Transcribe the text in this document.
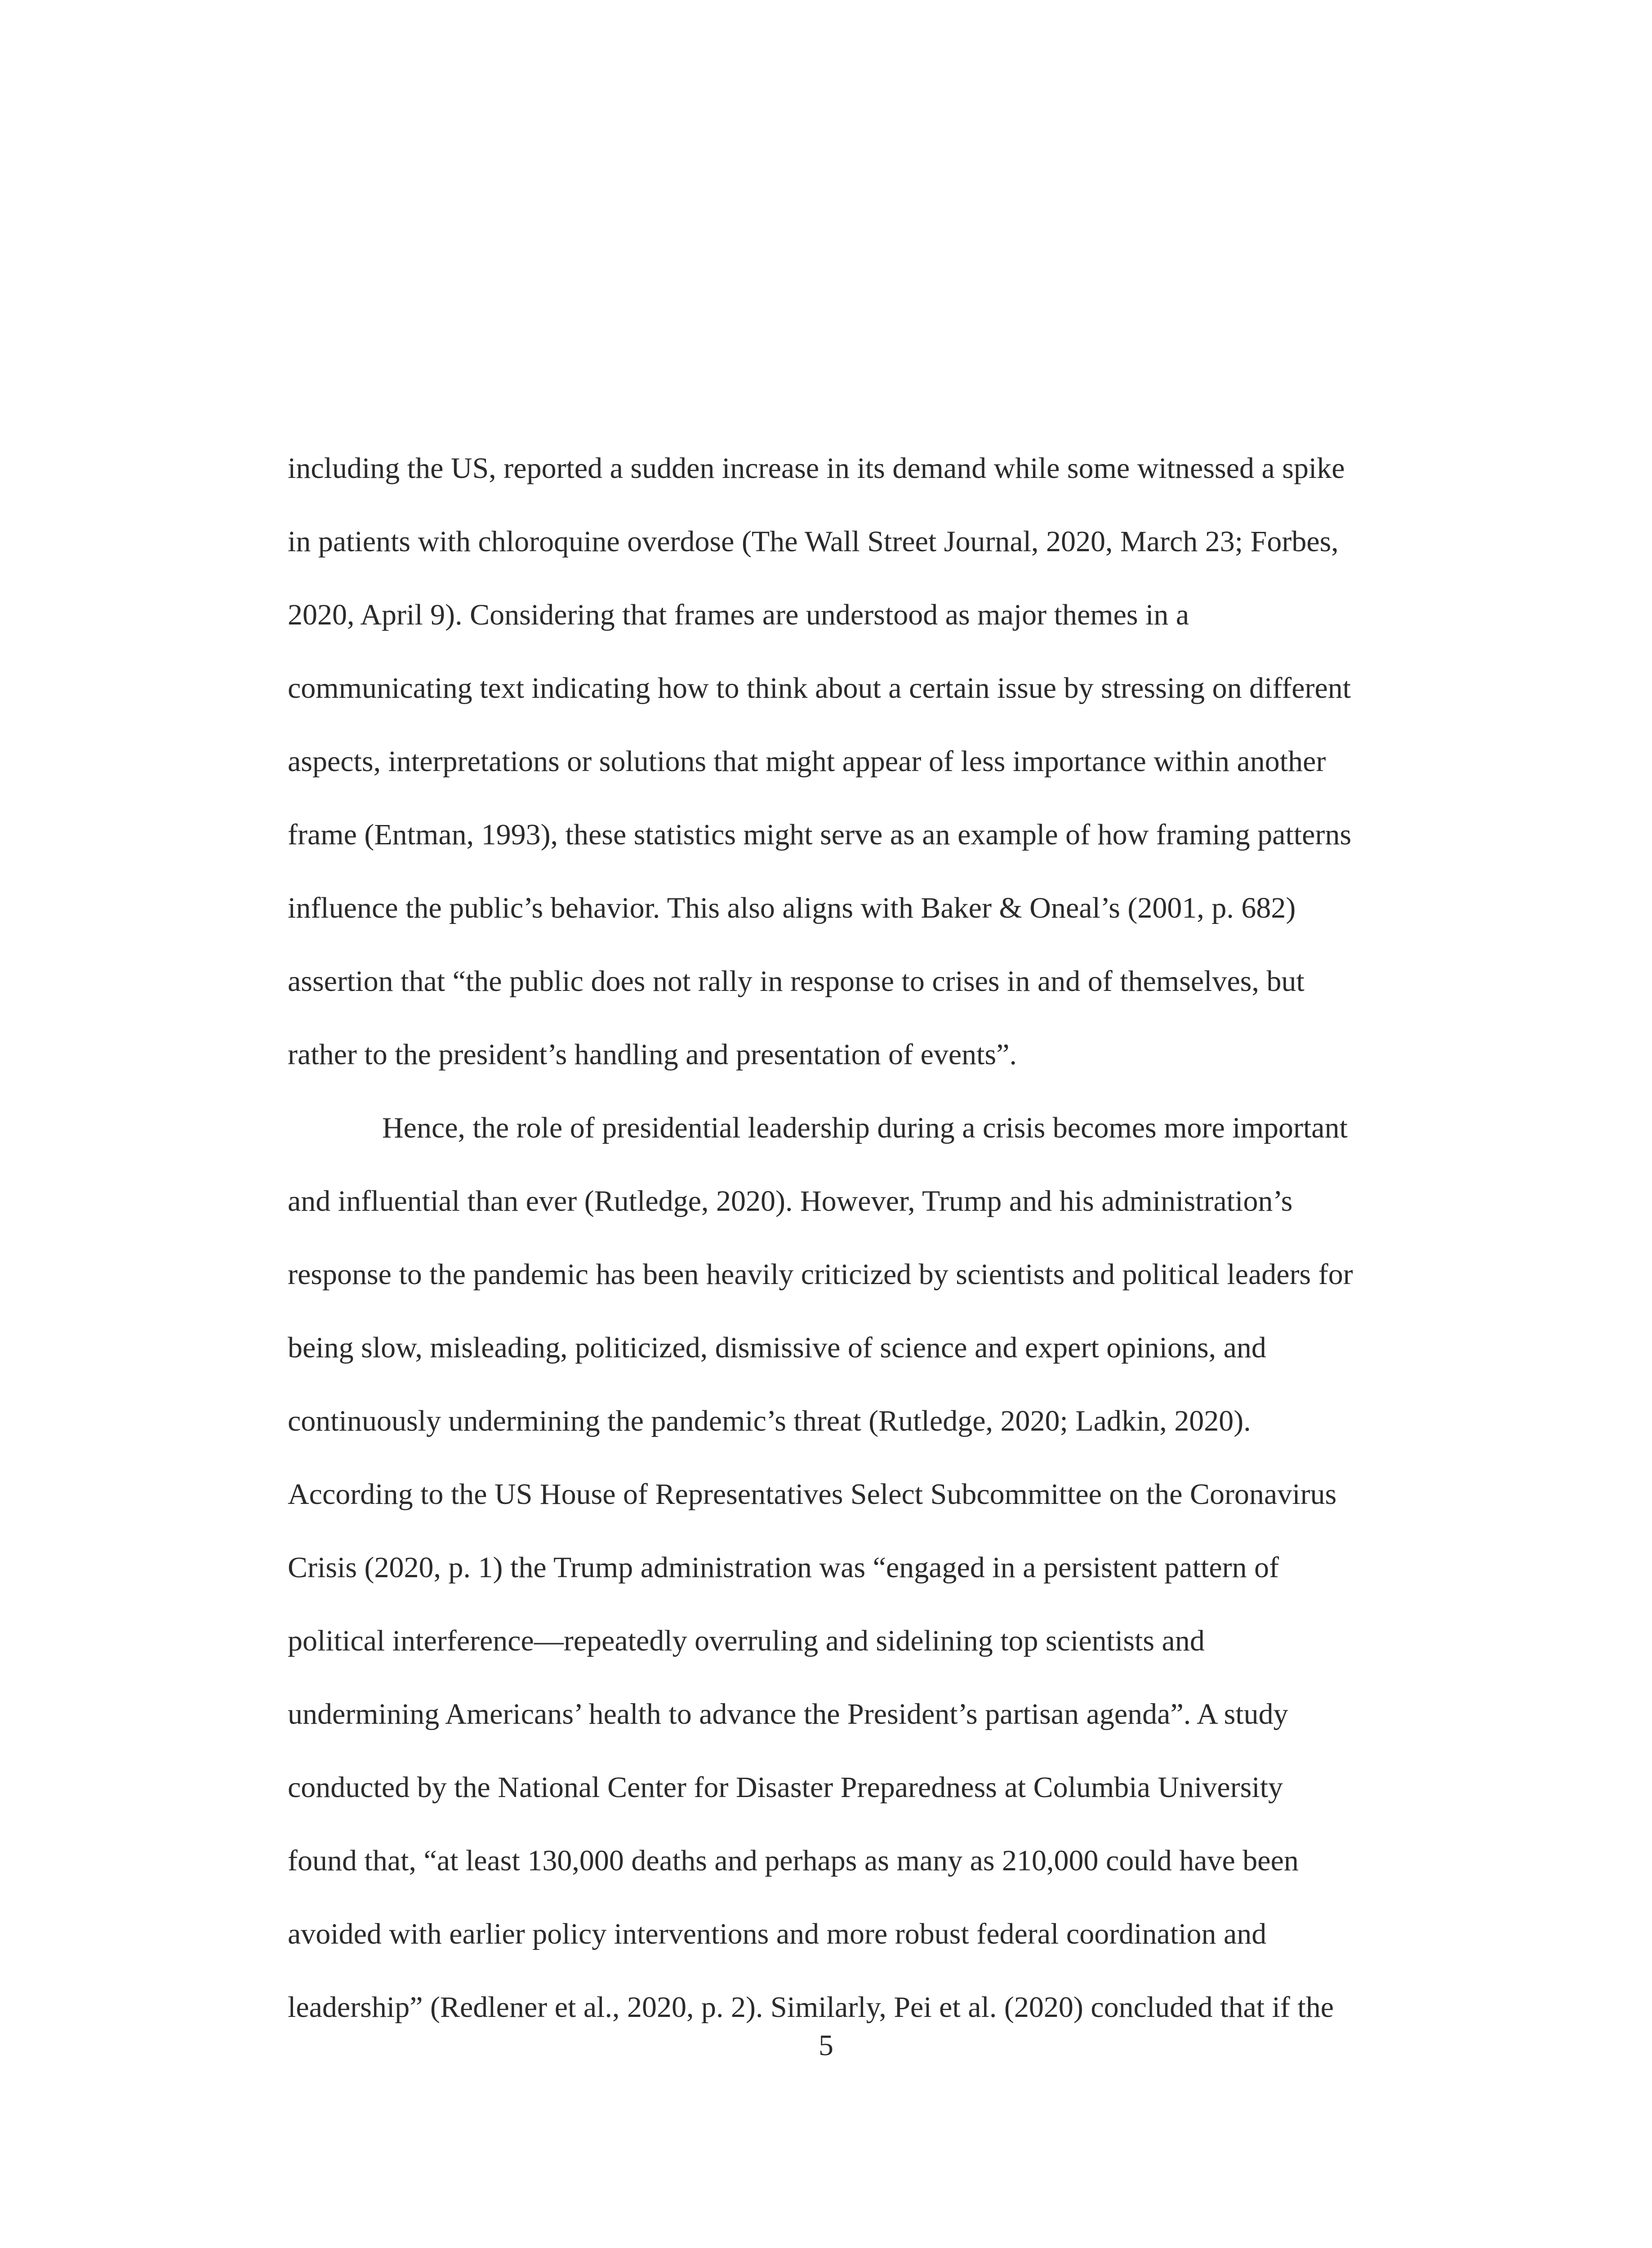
including the US, reported a sudden increase in its demand while some witnessed a spike
in patients with chloroquine overdose (The Wall Street Journal, 2020, March 23; Forbes,
2020, April 9). Considering that frames are understood as major themes in a
communicating text indicating how to think about a certain issue by stressing on different
aspects, interpretations or solutions that might appear of less importance within another
frame (Entman, 1993), these statistics might serve as an example of how framing patterns
influence the public’s behavior. This also aligns with Baker & Oneal’s (2001, p. 682)
assertion that “the public does not rally in response to crises in and of themselves, but
rather to the president’s handling and presentation of events”.
Hence, the role of presidential leadership during a crisis becomes more important
and influential than ever (Rutledge, 2020). However, Trump and his administration’s
response to the pandemic has been heavily criticized by scientists and political leaders for
being slow, misleading, politicized, dismissive of science and expert opinions, and
continuously undermining the pandemic’s threat (Rutledge, 2020; Ladkin, 2020).
According to the US House of Representatives Select Subcommittee on the Coronavirus
Crisis (2020, p. 1) the Trump administration was “engaged in a persistent pattern of
political interference—repeatedly overruling and sidelining top scientists and
undermining Americans’ health to advance the President’s partisan agenda”. A study
conducted by the National Center for Disaster Preparedness at Columbia University
found that, “at least 130,000 deaths and perhaps as many as 210,000 could have been
avoided with earlier policy interventions and more robust federal coordination and
leadership” (Redlener et al., 2020, p. 2). Similarly, Pei et al. (2020) concluded that if the
5
